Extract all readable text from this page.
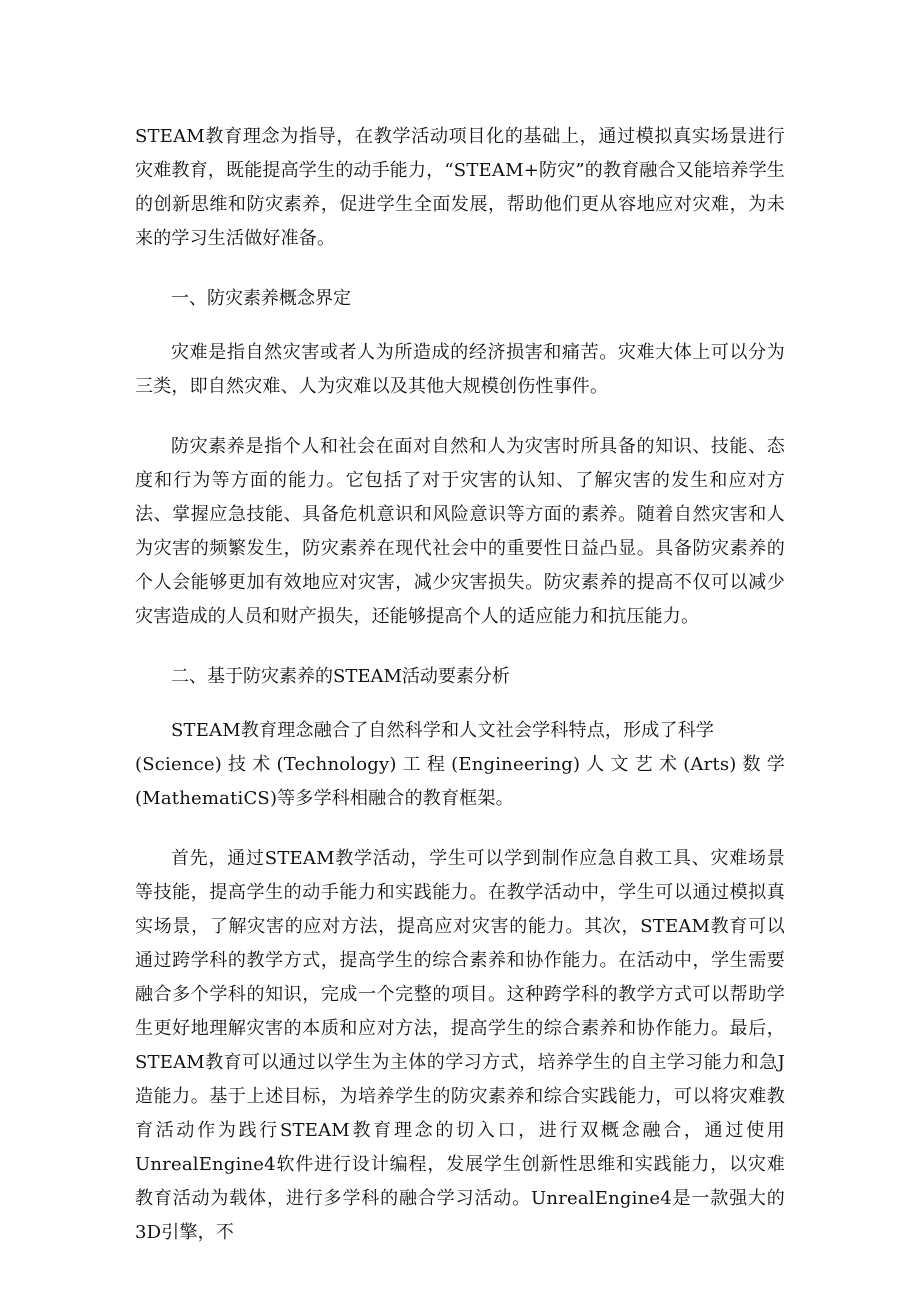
STEAM教育理念为指导，在教学活动项目化的基础上，通过模拟真实场景进行灾难教育，既能提高学生的动手能力，“STEAM+防灾”的教育融合又能培养学生的创新思维和防灾素养，促进学生全面发展，帮助他们更从容地应对灾难，为未来的学习生活做好准备。

一、防灾素养概念界定

灾难是指自然灾害或者人为所造成的经济损害和痛苦。灾难大体上可以分为三类，即自然灾难、人为灾难以及其他大规模创伤性事件。

防灾素养是指个人和社会在面对自然和人为灾害时所具备的知识、技能、态度和行为等方面的能力。它包括了对于灾害的认知、了解灾害的发生和应对方法、掌握应急技能、具备危机意识和风险意识等方面的素养。随着自然灾害和人为灾害的频繁发生，防灾素养在现代社会中的重要性日益凸显。具备防灾素养的个人会能够更加有效地应对灾害，减少灾害损失。防灾素养的提高不仅可以减少灾害造成的人员和财产损失，还能够提高个人的适应能力和抗压能力。

二、基于防灾素养的STEAM活动要素分析

STEAM教育理念融合了自然科学和人文社会学科特点，形成了科学

(Science)技术(Technology)工程(Engineering)人文艺术(Arts)数学(MathematiCS)等多学科相融合的教育框架。

首先，通过STEAM教学活动，学生可以学到制作应急自救工具、灾难场景等技能，提高学生的动手能力和实践能力。在教学活动中，学生可以通过模拟真实场景，了解灾害的应对方法，提高应对灾害的能力。其次，STEAM教育可以通过跨学科的教学方式，提高学生的综合素养和协作能力。在活动中，学生需要融合多个学科的知识，完成一个完整的项目。这种跨学科的教学方式可以帮助学生更好地理解灾害的本质和应对方法，提高学生的综合素养和协作能力。最后，STEAM教育可以通过以学生为主体的学习方式，培养学生的自主学习能力和急J造能力。基于上述目标，为培养学生的防灾素养和综合实践能力，可以将灾难教育活动作为践行STEAM教育理念的切入口，进行双概念融合，通过使用UnrealEngine4软件进行设计编程，发展学生创新性思维和实践能力，以灾难教育活动为载体，进行多学科的融合学习活动。UnrealEngine4是一款强大的3D引擎，不
